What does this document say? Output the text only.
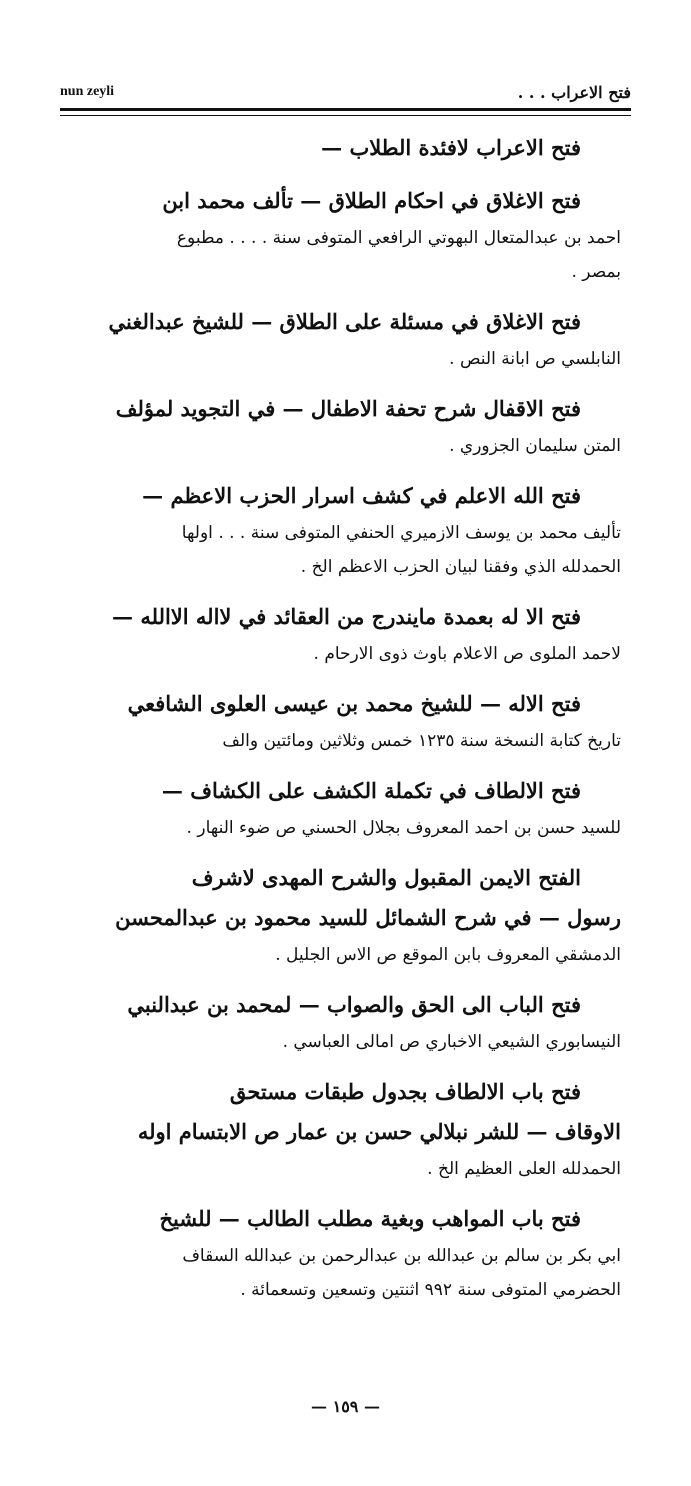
nun zeyli	فتح الاعراب . . .
فتح الاعراب لافئدة الطلاب —
فتح الاغلاق في احكام الطلاق — تألف محمد ابن
احمد بن عبدالمتعال البهوتي الرافعي المتوفى سنة . . . . مطبوع
بمصر .
فتح الاغلاق في مسئلة على الطلاق — للشيخ عبدالغني
النابلسي ص ابانة النص .
فتح الاقفال شرح تحفة الاطفال — في التجويد لمؤلف
المتن سليمان الجزوري .
فتح الله الاعلم في كشف اسرار الحزب الاعظم —
تأليف محمد بن يوسف الازميري الحنفي المتوفى سنة . . . اولها
الحمدلله الذي وفقنا لبيان الحزب الاعظم الخ .
فتح الا له بعمدة مايندرج من العقائد في لااله الاالله —
لاحمد الملوى ص الاعلام باوث ذوى الارحام .
فتح الاله — للشيخ محمد بن عيسى العلوى الشافعي
تاريخ كتابة النسخة سنة ١٢٣٥ خمس وثلاثين ومائتين والف
فتح الالطاف في تكملة الكشف على الكشاف —
للسيد حسن بن احمد المعروف بجلال الحسني ص ضوء النهار .
الفتح الايمن المقبول والشرح المهدى لاشرف
رسول — في شرح الشمائل للسيد محمود بن عبدالمحسن
الدمشقي المعروف بابن الموقع ص الاس الجليل .
فتح الباب الى الحق والصواب — لمحمد بن عبدالنبي
النيسابوري الشيعي الاخباري ص امالى العباسي .
فتح باب الالطاف بجدول طبقات مستحق
الاوقاف — للشر نبلالي حسن بن عمار ص الابتسام اوله
الحمدلله العلى العظيم الخ .
فتح باب المواهب وبغية مطلب الطالب — للشيخ
ابي بكر بن سالم بن عبدالله بن عبدالرحمن بن عبدالله السقاف
الحضرمي المتوفى سنة ٩٩٢ اثنتين وتسعين وتسعمائة .
— ١٥٩ —
